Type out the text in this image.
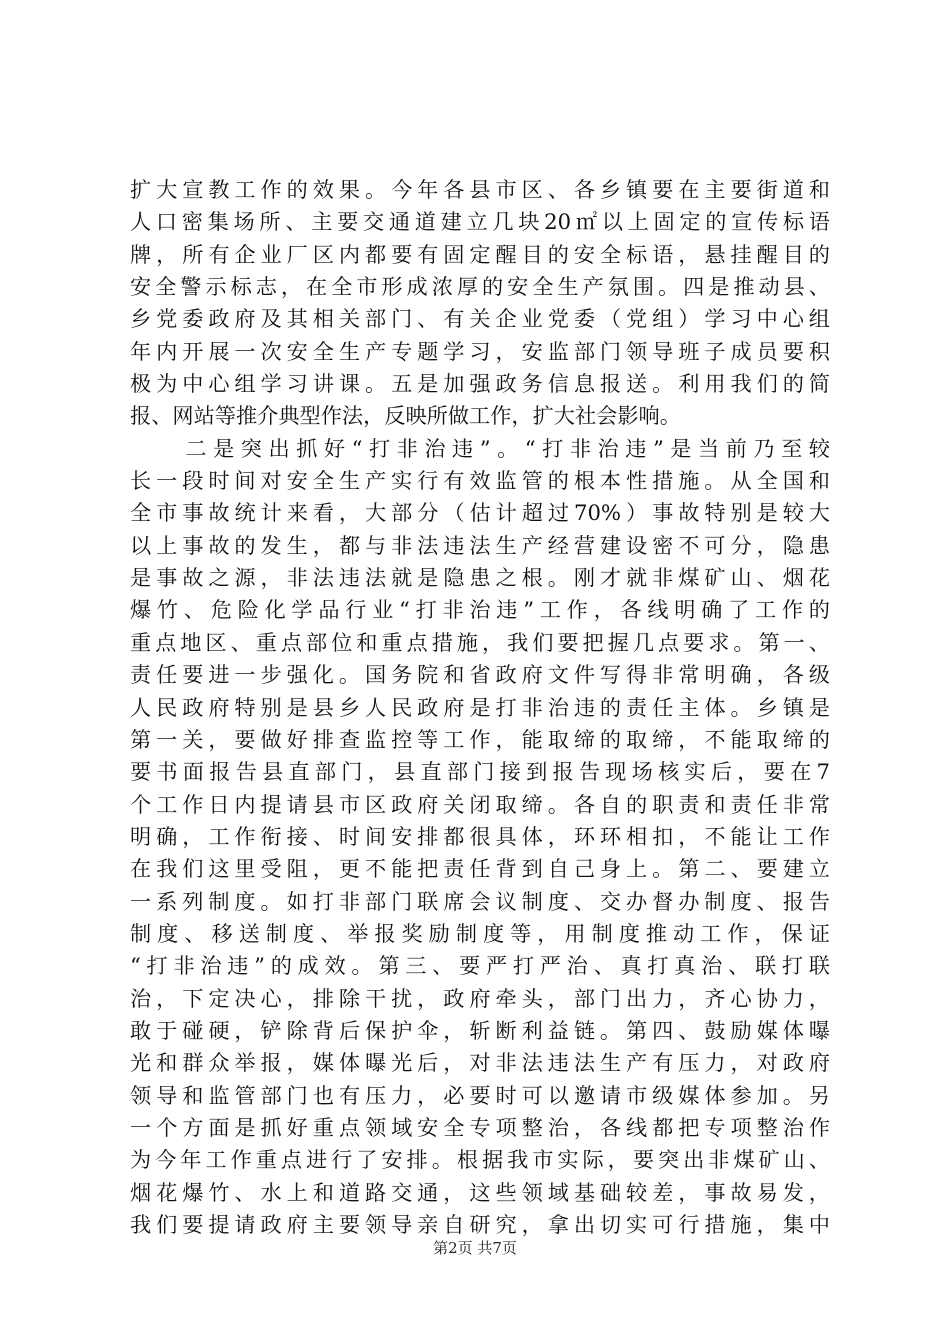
扩大宣教工作的效果。今年各县市区、各乡镇要在主要街道和
人口密集场所、主要交通道建立几块20㎡以上固定的宣传标语
牌，所有企业厂区内都要有固定醒目的安全标语，悬挂醒目的
安全警示标志，在全市形成浓厚的安全生产氛围。四是推动县、
乡党委政府及其相关部门、有关企业党委（党组）学习中心组
年内开展一次安全生产专题学习，安监部门领导班子成员要积
极为中心组学习讲课。五是加强政务信息报送。利用我们的简
报、网站等推介典型作法，反映所做工作，扩大社会影响。
　　二是突出抓好“打非治违”。“打非治违”是当前乃至较
长一段时间对安全生产实行有效监管的根本性措施。从全国和
全市事故统计来看，大部分（估计超过70%）事故特别是较大
以上事故的发生，都与非法违法生产经营建设密不可分，隐患
是事故之源，非法违法就是隐患之根。刚才就非煤矿山、烟花
爆竹、危险化学品行业“打非治违”工作，各线明确了工作的
重点地区、重点部位和重点措施，我们要把握几点要求。第一、
责任要进一步强化。国务院和省政府文件写得非常明确，各级
人民政府特别是县乡人民政府是打非治违的责任主体。乡镇是
第一关，要做好排查监控等工作，能取缔的取缔，不能取缔的
要书面报告县直部门，县直部门接到报告现场核实后，要在7
个工作日内提请县市区政府关闭取缔。各自的职责和责任非常
明确，工作衔接、时间安排都很具体，环环相扣，不能让工作
在我们这里受阻，更不能把责任背到自己身上。第二、要建立
一系列制度。如打非部门联席会议制度、交办督办制度、报告
制度、移送制度、举报奖励制度等，用制度推动工作，保证
“打非治违”的成效。第三、要严打严治、真打真治、联打联
治，下定决心，排除干扰，政府牵头，部门出力，齐心协力，
敢于碰硬，铲除背后保护伞，斩断利益链。第四、鼓励媒体曝
光和群众举报，媒体曝光后，对非法违法生产有压力，对政府
领导和监管部门也有压力，必要时可以邀请市级媒体参加。另
一个方面是抓好重点领域安全专项整治，各线都把专项整治作
为今年工作重点进行了安排。根据我市实际，要突出非煤矿山、
烟花爆竹、水上和道路交通，这些领域基础较差，事故易发，
我们要提请政府主要领导亲自研究，拿出切实可行措施，集中
第2页 共7页
